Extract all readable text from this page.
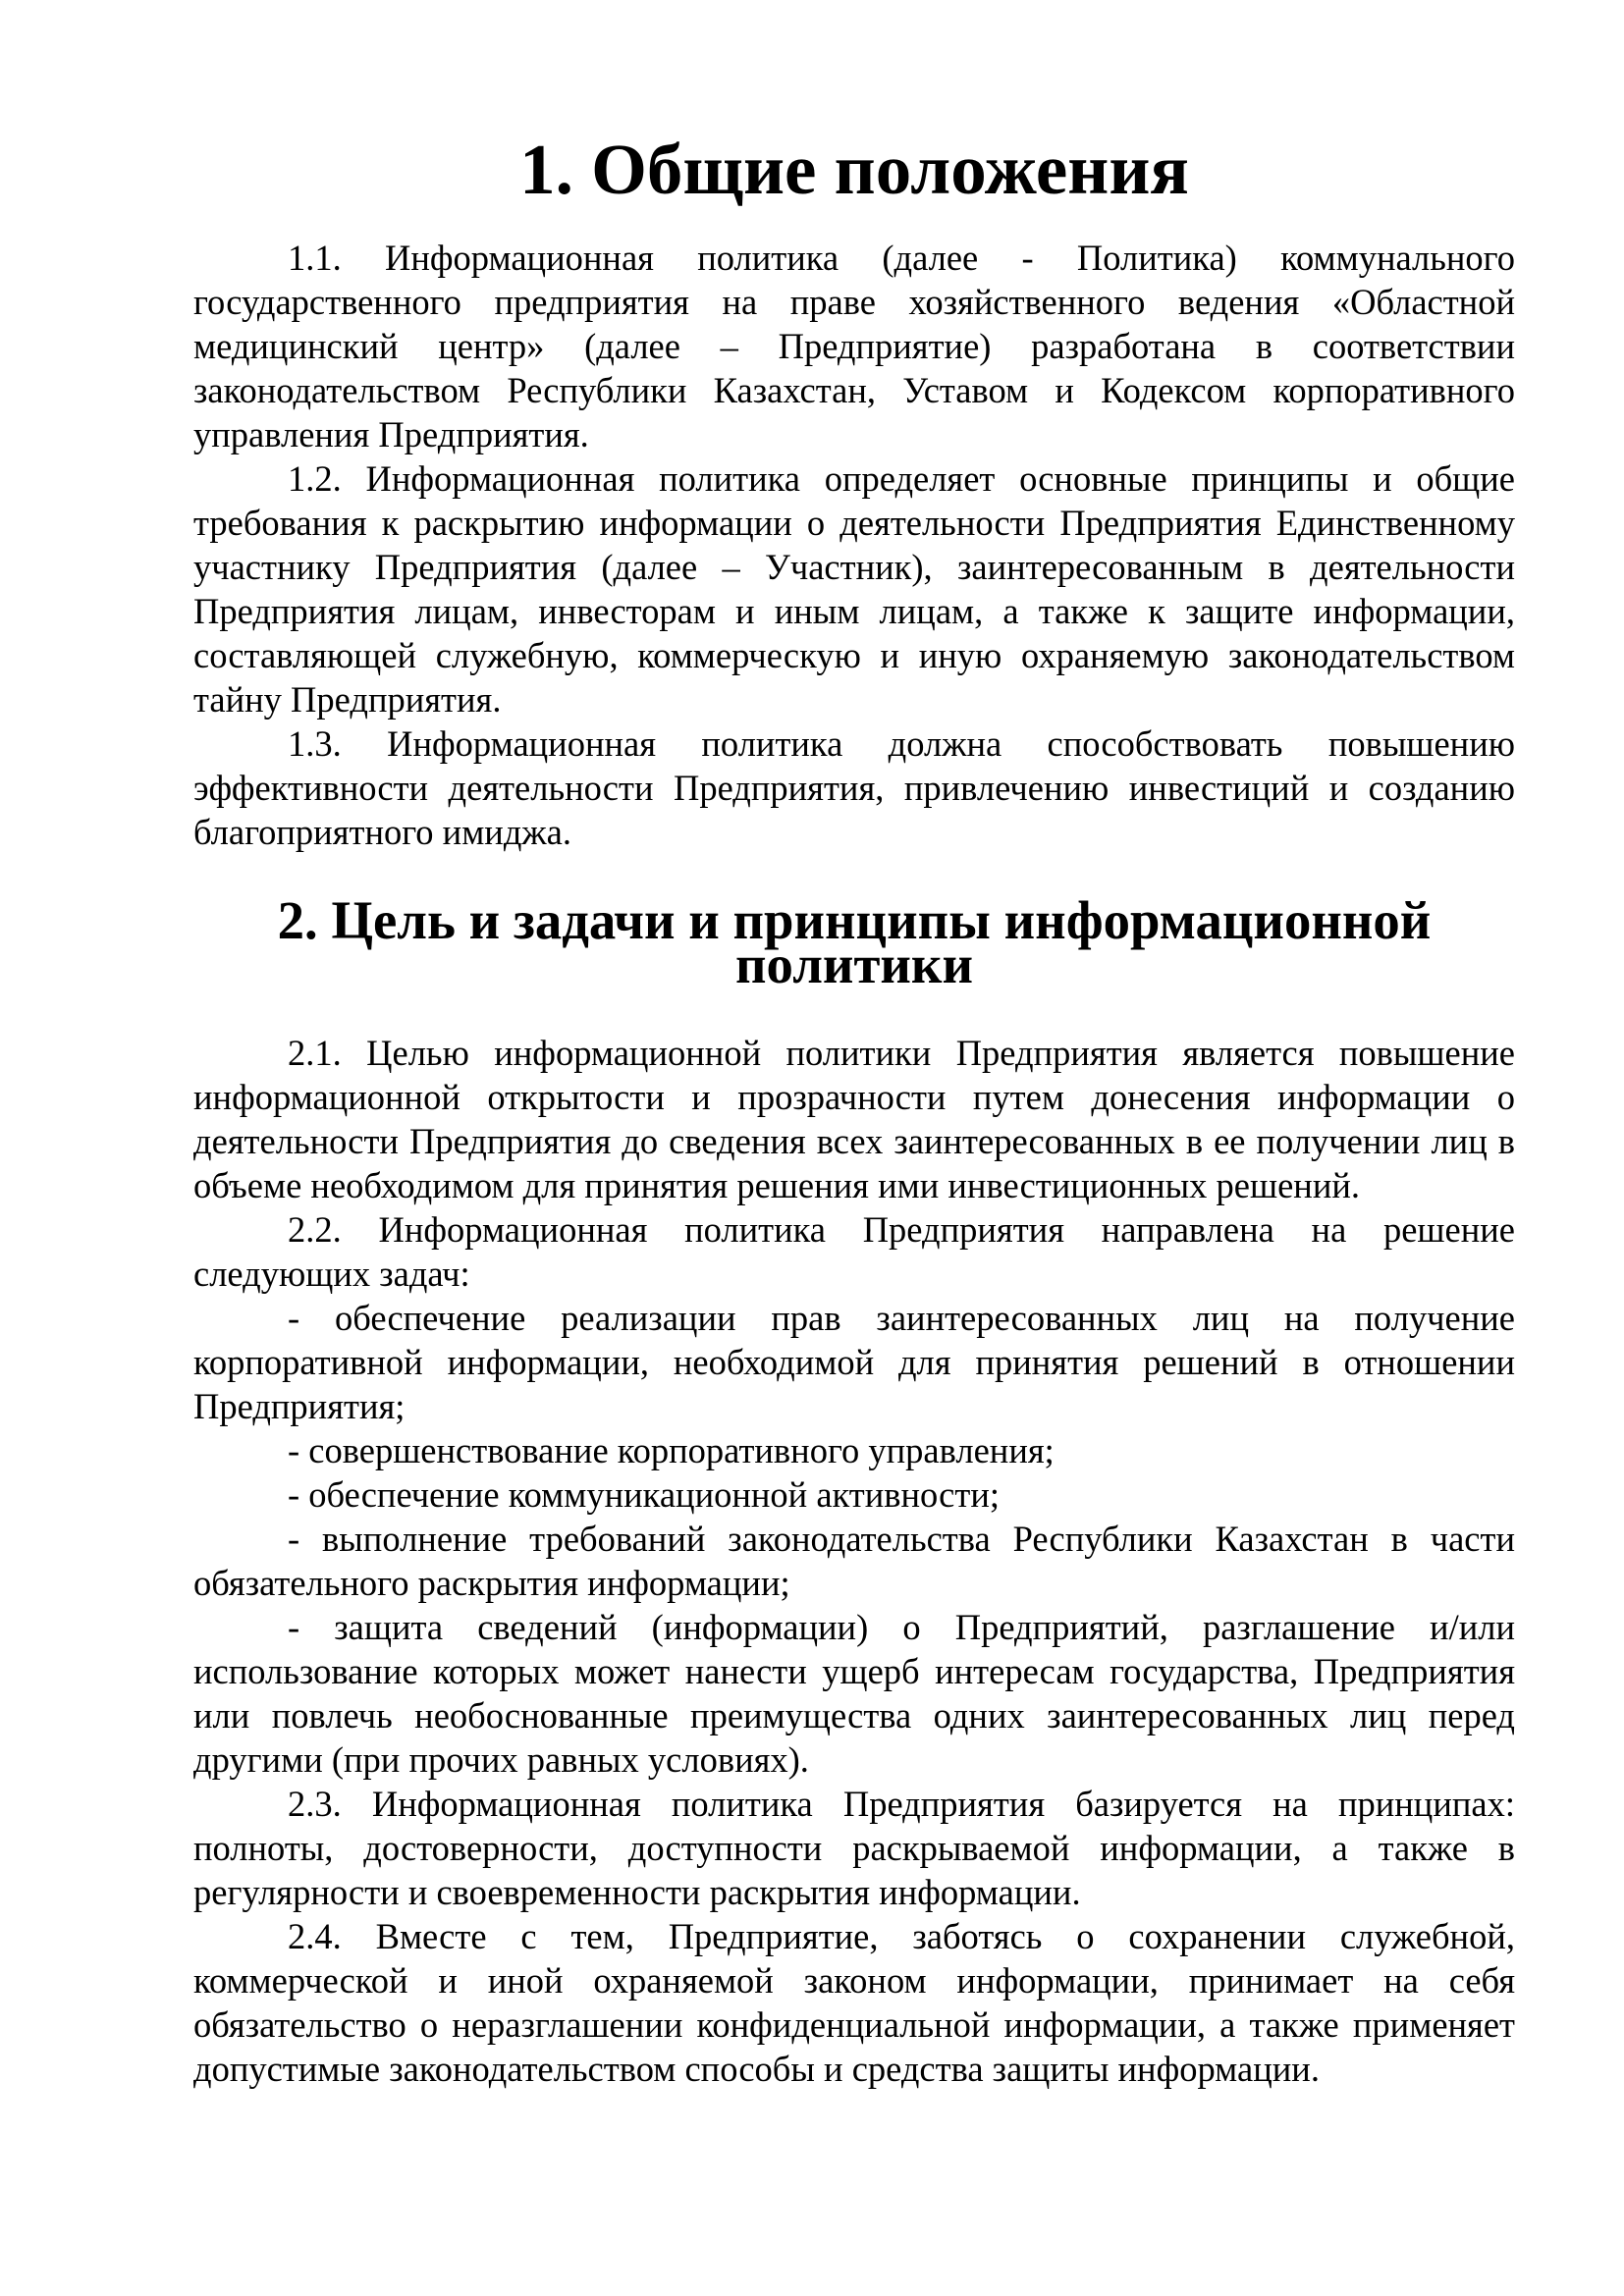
1. Общие положения

1.1. Информационная политика (далее - Политика) коммунального государственного предприятия на праве хозяйственного ведения «Областной медицинский центр» (далее – Предприятие) разработана в соответствии законодательством Республики Казахстан, Уставом и Кодексом корпоративного управления Предприятия.

1.2. Информационная политика определяет основные принципы и общие требования к раскрытию информации о деятельности Предприятия Единственному участнику Предприятия (далее – Участник), заинтересованным в деятельности Предприятия лицам, инвесторам и иным лицам, а также к защите информации, составляющей служебную, коммерческую и иную охраняемую законодательством тайну Предприятия.

1.3. Информационная политика должна способствовать повышению эффективности деятельности Предприятия, привлечению инвестиций и созданию благоприятного имиджа.

2. Цель и задачи и принципы информационной политики

2.1. Целью информационной политики Предприятия является повышение информационной открытости и прозрачности путем донесения информации о деятельности Предприятия до сведения всех заинтересованных в ее получении лиц в объеме необходимом для принятия решения ими инвестиционных решений.

2.2. Информационная политика Предприятия направлена на решение следующих задач:

- обеспечение реализации прав заинтересованных лиц на получение корпоративной информации, необходимой для принятия решений в отношении Предприятия;

- совершенствование корпоративного управления;

- обеспечение коммуникационной активности;

- выполнение требований законодательства Республики Казахстан в части обязательного раскрытия информации;

- защита сведений (информации) о Предприятий, разглашение и/или использование которых может нанести ущерб интересам государства, Предприятия или повлечь необоснованные преимущества одних заинтересованных лиц перед другими (при прочих равных условиях).

2.3. Информационная политика Предприятия базируется на принципах: полноты, достоверности, доступности раскрываемой информации, а также в регулярности и своевременности раскрытия информации.

2.4. Вместе с тем, Предприятие, заботясь о сохранении служебной, коммерческой и иной охраняемой законом информации, принимает на себя обязательство о неразглашении конфиденциальной информации, а также применяет допустимые законодательством способы и средства защиты информации.
